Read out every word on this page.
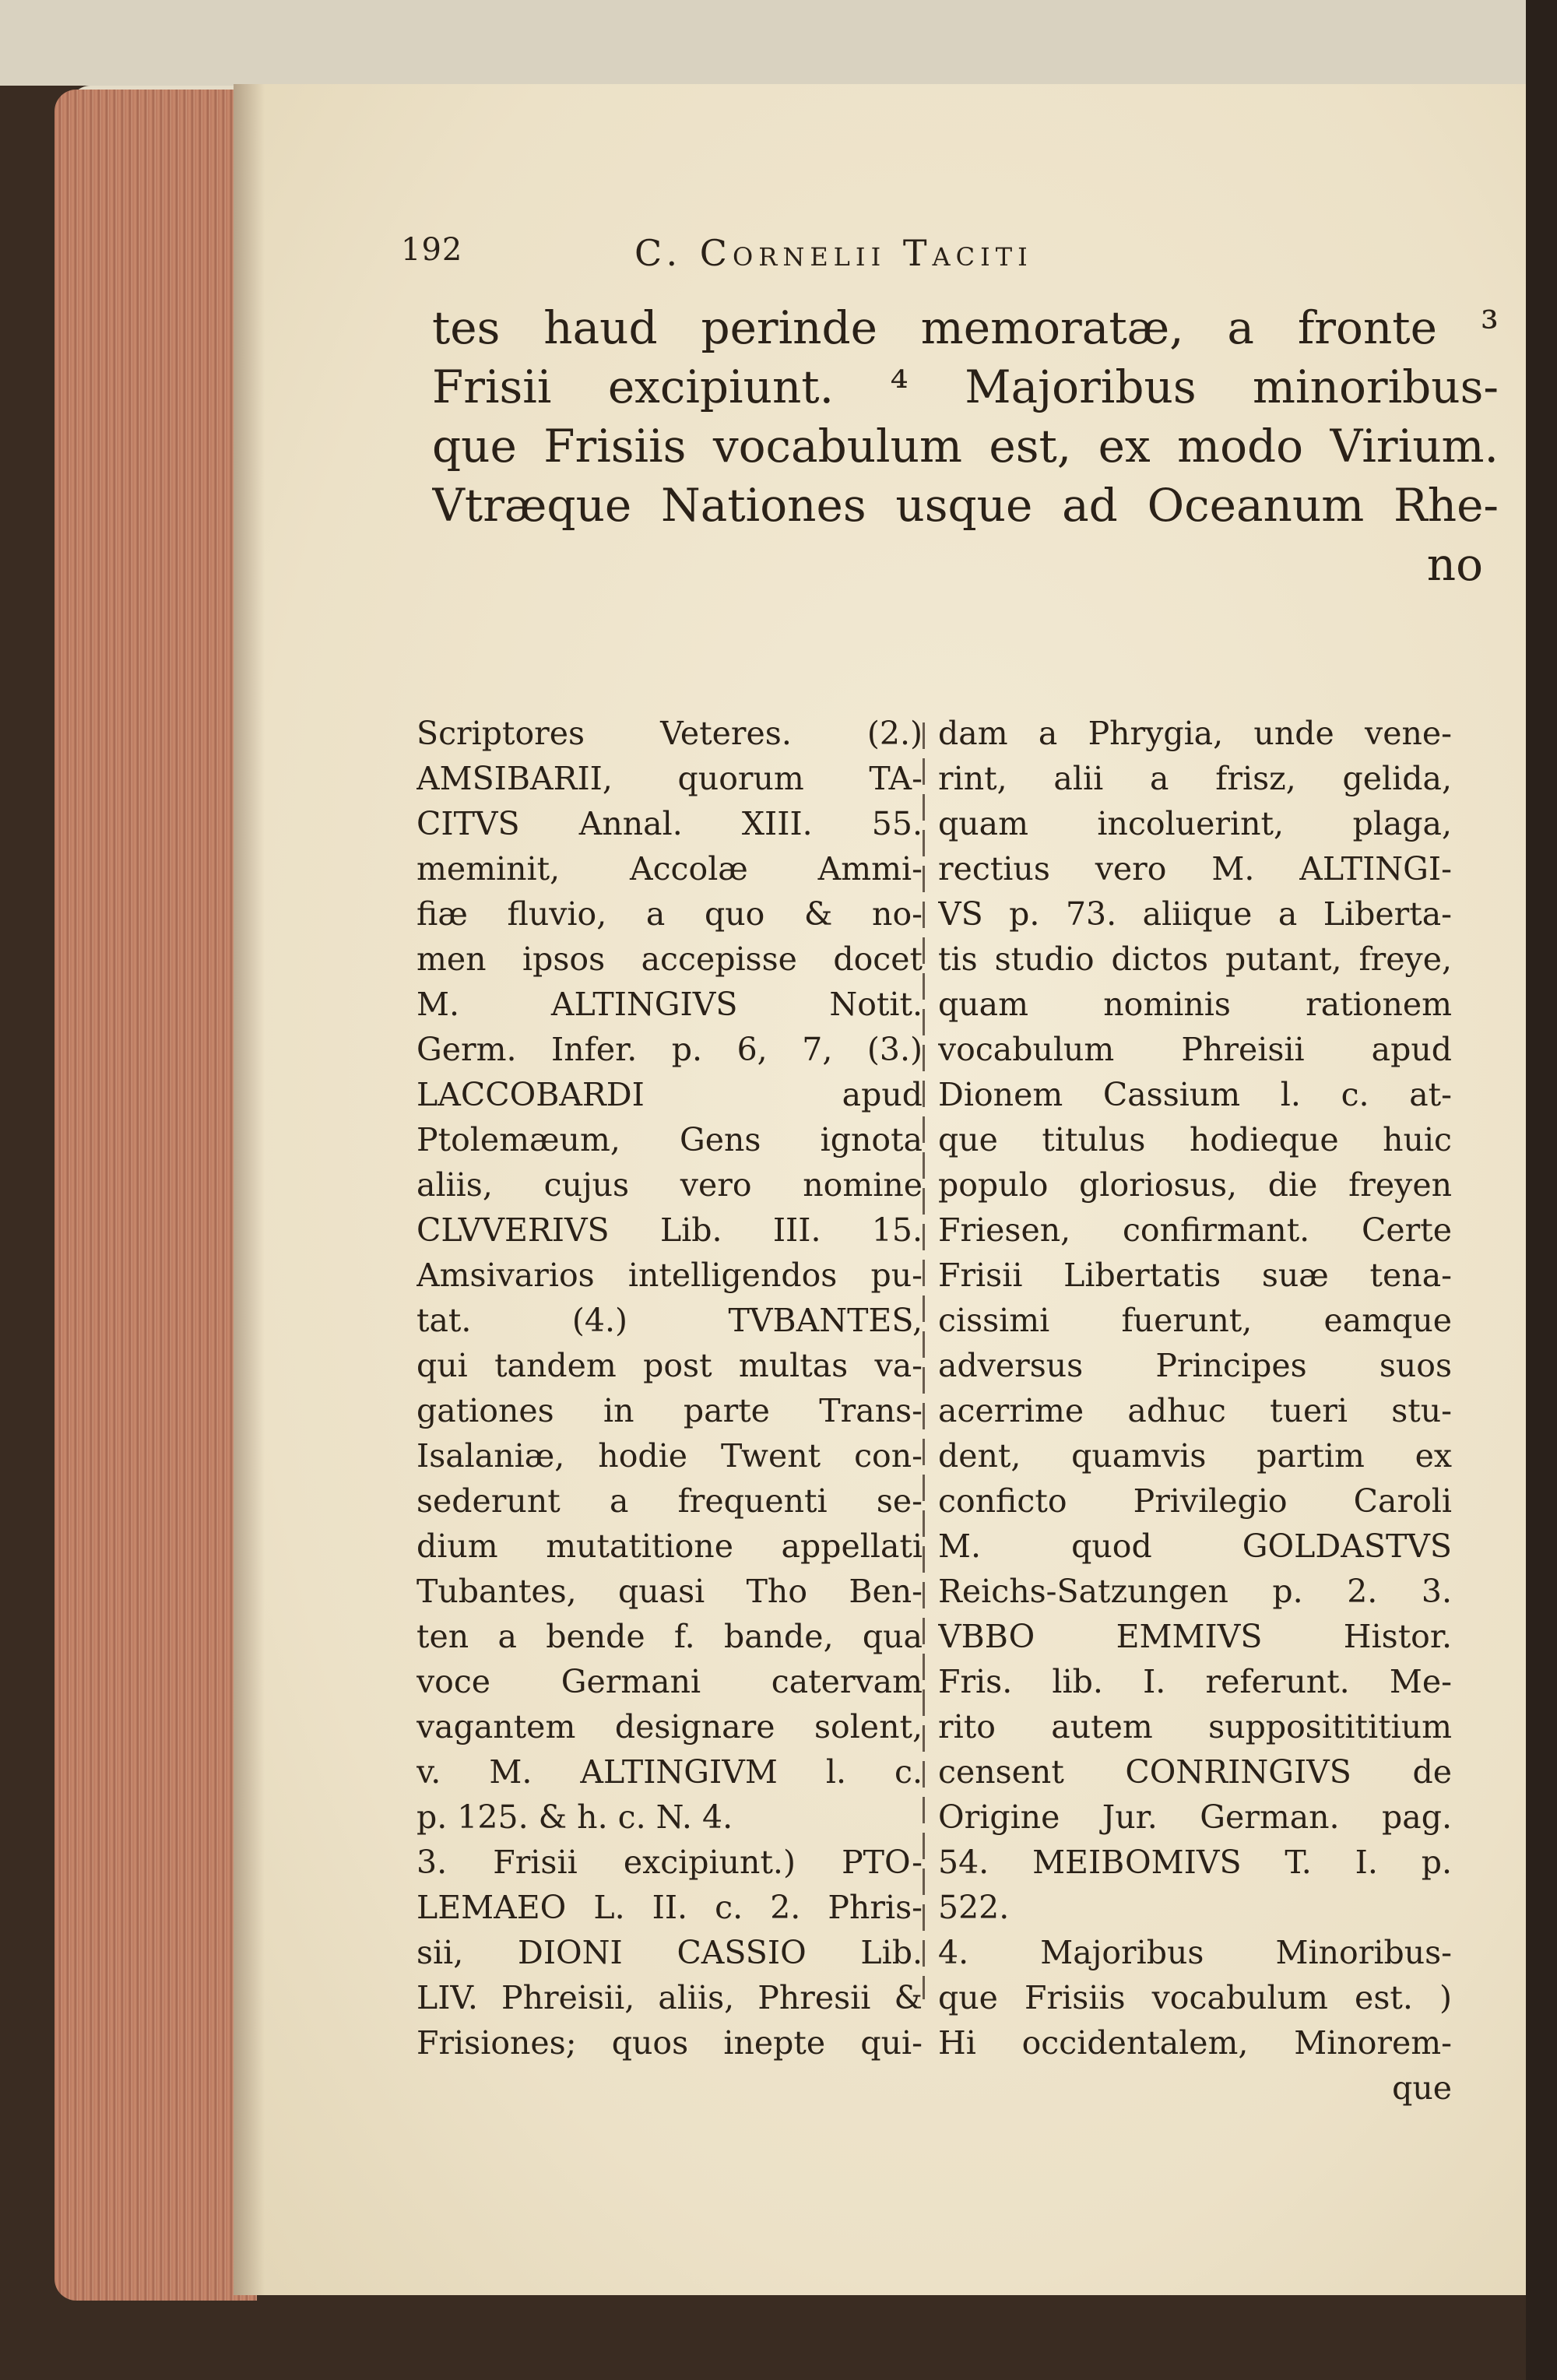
192	C. Cornelii Taciti
tes haud perinde memoratæ, a fronte ³
Frisii excipiunt. ⁴ Majoribus minoribus-
que Frisiis vocabulum est, ex modo Virium.
Vtræque Nationes usque ad Oceanum Rhe-
no
Scriptores Veteres. (2.)
AMSIBARII, quorum TA-
CITVS Annal. XIII. 55.
meminit, Accolæ Ammi-
fiæ fluvio, a quo & no-
men ipsos accepisse docet
M. ALTINGIVS Notit.
Germ. Infer. p. 6, 7, (3.)
LACCOBARDI apud
Ptolemæum, Gens ignota
aliis, cujus vero nomine
CLVVERIVS Lib. III. 15.
Amsivarios intelligendos pu-
tat. (4.) TVBANTES,
qui tandem post multas va-
gationes in parte Trans-
Isalaniæ, hodie Twent con-
sederunt a frequenti se-
dium mutatitione appellati
Tubantes, quasi Tho Ben-
ten a bende f. bande, qua
voce Germani catervam
vagantem designare solent,
v. M. ALTINGIVM l. c.
p. 125. & h. c. N. 4.
3. Frisii excipiunt.) PTO-
LEMAEO L. II. c. 2. Phris-
sii, DIONI CASSIO Lib.
LIV. Phreisii, aliis, Phresii &
Frisiones; quos inepte qui-
dam a Phrygia, unde vene-
rint, alii a frisz, gelida,
quam incoluerint, plaga,
rectius vero M. ALTINGI-
VS p. 73. aliique a Liberta-
tis studio dictos putant, freye,
quam nominis rationem
vocabulum Phreisii apud
Dionem Cassium l. c. at-
que titulus hodieque huic
populo gloriosus, die freyen
Friesen, confirmant. Certe
Frisii Libertatis suæ tena-
cissimi fuerunt, eamque
adversus Principes suos
acerrime adhuc tueri stu-
dent, quamvis partim ex
conficto Privilegio Caroli
M. quod GOLDASTVS
Reichs-Satzungen p. 2. 3.
VBBO EMMIVS Histor.
Fris. lib. I. referunt. Me-
rito autem suppositititium
censent CONRINGIVS de
Origine Jur. German. pag.
54. MEIBOMIVS T. I. p.
522.
4. Majoribus Minoribus-
que Frisiis vocabulum est. )
Hi occidentalem, Minorem-
que
